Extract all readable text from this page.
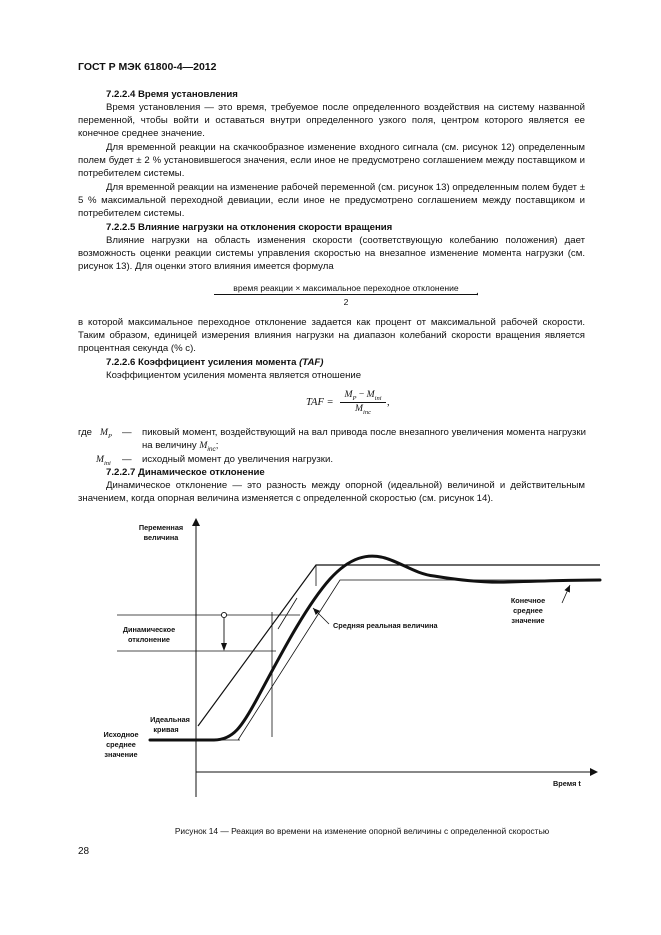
ГОСТ Р МЭК 61800-4—2012
7.2.2.4 Время установления

Время установления — это время, требуемое после определенного воздействия на систему названной переменной, чтобы войти и оставаться внутри определенного узкого поля, центром которого является ее конечное среднее значение.

Для временной реакции на скачкообразное изменение входного сигнала (см. рисунок 12) определенным полем будет ± 2 % установившегося значения, если иное не предусмотрено соглашением между поставщиком и потребителем системы.

Для временной реакции на изменение рабочей переменной (см. рисунок 13) определенным полем будет ± 5 % максимальной переходной девиации, если иное не предусмотрено соглашением между поставщиком и потребителем системы.

7.2.2.5 Влияние нагрузки на отклонения скорости вращения

Влияние нагрузки на область изменения скорости (соответствующую колебанию положения) дает возможность оценки реакции системы управления скоростью на внезапное изменение момента нагрузки (см. рисунок 13). Для оценки этого влияния имеется формула

время реакции × максимальное переходное отклонение
2
,

в которой максимальное переходное отклонение задается как процент от максимальной рабочей скорости. Таким образом, единицей измерения влияния нагрузки на диапазон колебаний скорости вращения является процентная секунда (% с).

7.2.2.6 Коэффициент усиления момента (TAF)

Коэффициентом усиления момента является отношение

TAF =
$M_P - M_{ini}$
$M_{inc}$
,
где $M_P$ — пиковый момент, воздействующий на вал привода после внезапного увеличения момента нагрузки на величину $M_{inc}$;
$M_{ini}$ — исходный момент до увеличения нагрузки.
7.2.2.7 Динамическое отклонение

Динамическое отклонение — это разность между опорной (идеальной) величиной и действительным значением, когда опорная величина изменяется с определенной скоростью (см. рисунок 14).

Переменная
величина
Время t
Динамическое
отклонение
Идеальная
кривая
Исходное
среднее
значение
Средняя реальная величина
Конечное
среднее
значение
Рисунок 14 — Реакция во времени на изменение опорной величины с определенной скоростью
28
